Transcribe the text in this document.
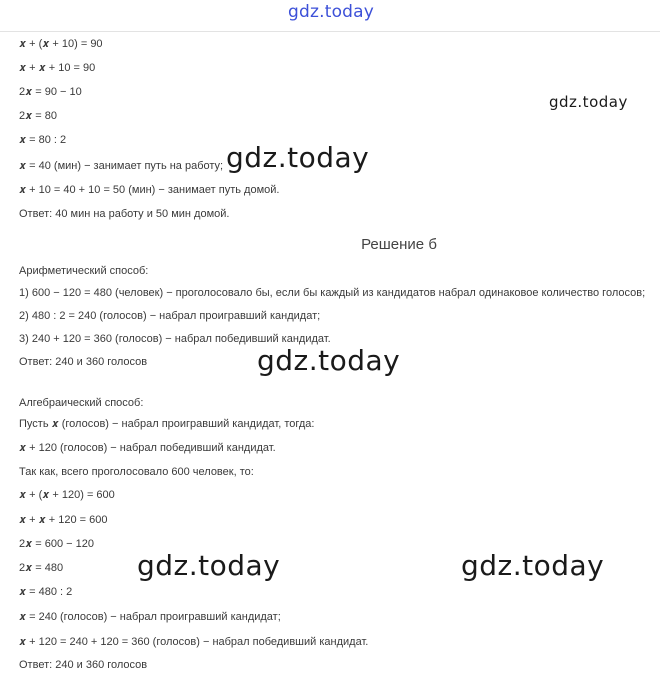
gdz.today
𝒙 + (𝒙 + 10) = 90
𝒙 + 𝒙 + 10 = 90
2𝒙 = 90 − 10
2𝒙 = 80
𝒙 = 80 : 2
𝒙 = 40 (мин) − занимает путь на работу;
𝒙 + 10 = 40 + 10 = 50 (мин) − занимает путь домой.
Ответ: 40 мин на работу и 50 мин домой.
Решение б
Арифметический способ:
1) 600 − 120 = 480 (человек) − проголосовало бы, если бы каждый из кандидатов набрал одинаковое количество голосов;
2) 480 : 2 = 240 (голосов) − набрал проигравший кандидат;
3) 240 + 120 = 360 (голосов) − набрал победивший кандидат.
Ответ: 240 и 360 голосов
Алгебраический способ:
Пусть 𝒙 (голосов) − набрал проигравший кандидат, тогда:
𝒙 + 120 (голосов) − набрал победивший кандидат.
Так как, всего проголосовало 600 человек, то:
𝒙 + (𝒙 + 120) = 600
𝒙 + 𝒙 + 120 = 600
2𝒙 = 600 − 120
2𝒙 = 480
𝒙 = 480 : 2
𝒙 = 240 (голосов) − набрал проигравший кандидат;
𝒙 + 120 = 240 + 120 = 360 (голосов) − набрал победивший кандидат.
Ответ: 240 и 360 голосов
gdz.today
gdz.today
gdz.today
gdz.today	gdz.today
